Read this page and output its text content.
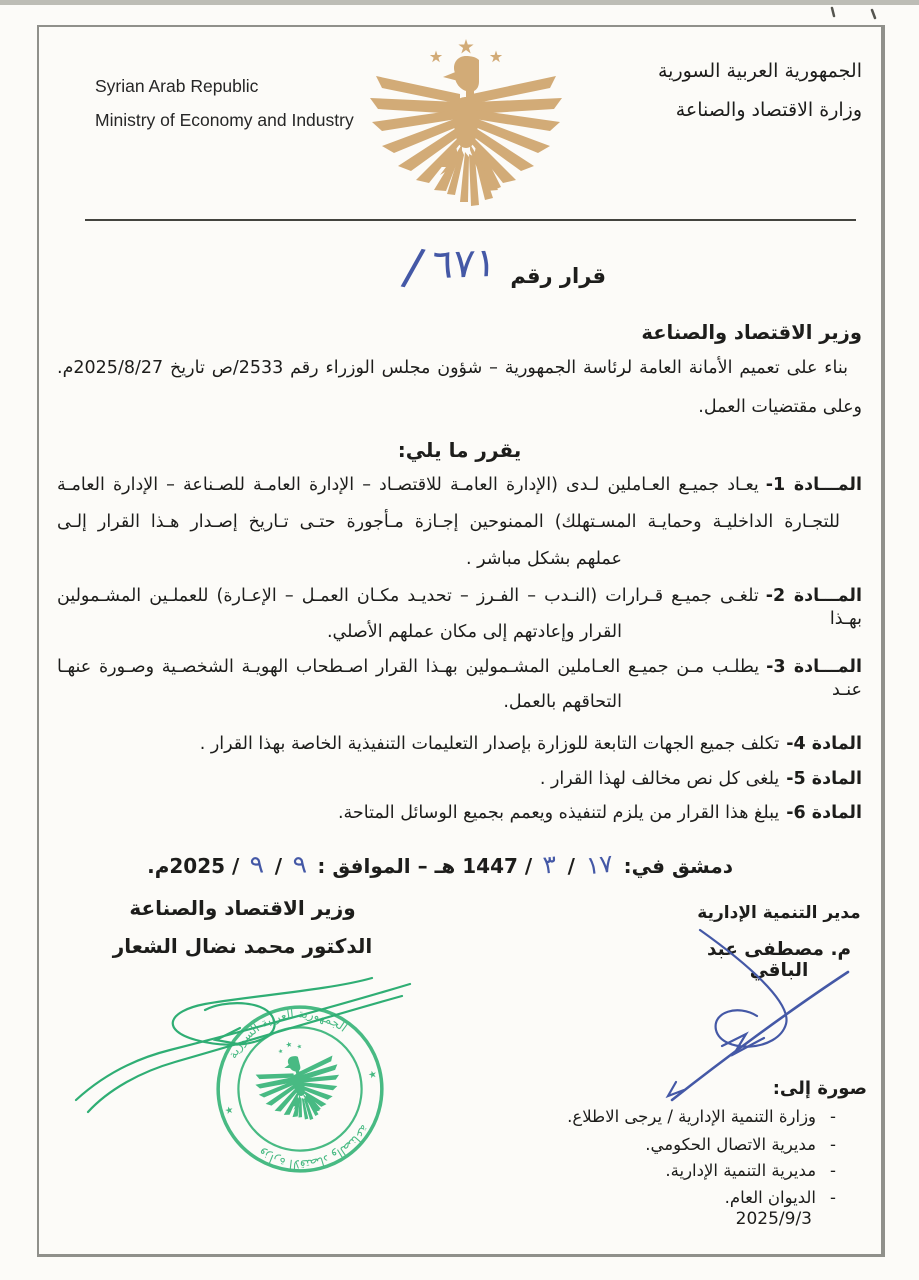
Syrian Arab Republic
Ministry of Economy and Industry
الجمهورية العربية السورية
وزارة الاقتصاد والصناعة
/ ٦٧١ قرار رقم
وزير الاقتصاد والصناعة
بناء على تعميم الأمانة العامة لرئاسة الجمهورية – شؤون مجلس الوزراء رقم 2533/ص تاريخ 2025/8/27م.
وعلى مقتضيات العمل.
يقرر ما يلي:
المـــادة 1-يعـاد جميـع العـاملين لـدى (الإدارة العامـة للاقتصـاد – الإدارة العامـة للصـناعة – الإدارة العامـة
للتجـارة الداخليـة وحمايـة المسـتهلك) الممنوحين إجـازة مـأجورة حتـى تـاريخ إصـدار هـذا القرار إلـى
عملهم بشكل مباشر .
المـــادة 2-تلغـى جميـع قـرارات (النـدب – الفـرز – تحديـد مكـان العمـل – الإعـارة) للعملـين المشـمولين بهـذا
القرار وإعادتهم إلى مكان عملهم الأصلي.
المـــادة 3-يطلـب مـن جميـع العـاملين المشـمولين بهـذا القرار اصـطحاب الهويـة الشخصـية وصـورة عنهـا عنـد
التحاقهم بالعمل.
المادة 4-تكلف جميع الجهات التابعة للوزارة بإصدار التعليمات التنفيذية الخاصة بهذا القرار .
المادة 5-يلغى كل نص مخالف لهذا القرار .
المادة 6-يبلغ هذا القرار من يلزم لتنفيذه ويعمم بجميع الوسائل المتاحة.
دمشق في: ١٧ / ٣ / 1447 هـ – الموافق : ٩ / ٩ / 2025م.
وزير الاقتصاد والصناعة
الدكتور محمد نضال الشعار
مدير التنمية الإدارية
م. مصطفى عبد الباقي
الجمهورية العربية السورية
وزارة الاقتصاد والصناعة
صورة إلى:
-وزارة التنمية الإدارية / يرجى الاطلاع.
-مديرية الاتصال الحكومي.
-مديرية التنمية الإدارية.
-الديوان العام.
2025/9/3
